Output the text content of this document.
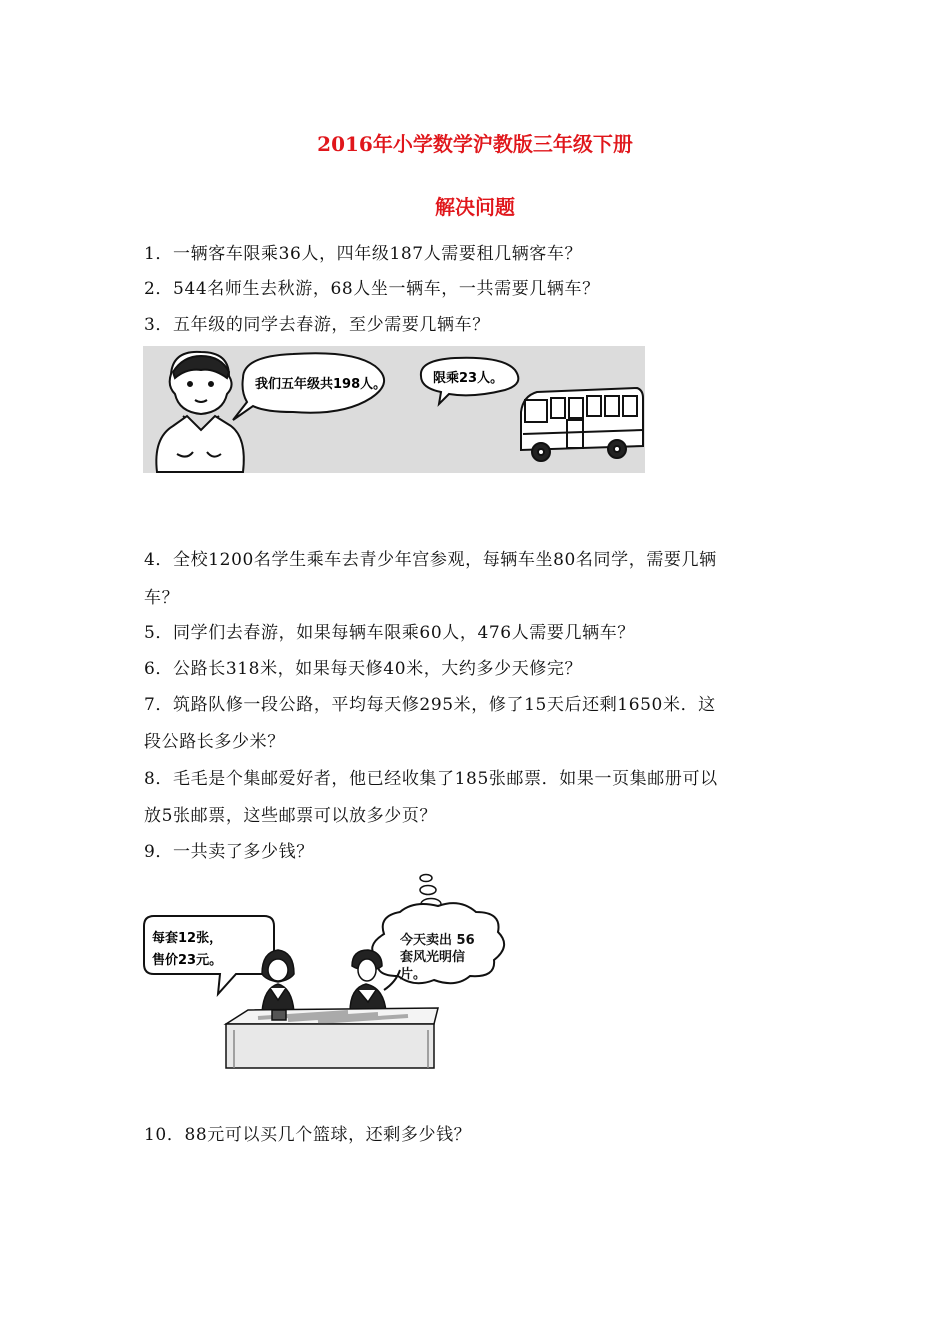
2016年小学数学沪教版三年级下册
解决问题
1．一辆客车限乘36人，四年级187人需要租几辆客车？
2．544名师生去秋游，68人坐一辆车，一共需要几辆车？
3．五年级的同学去春游，至少需要几辆车？
我们五年级共198人。	限乘23人。
4．全校1200名学生乘车去青少年宫参观，每辆车坐80名同学，需要几辆
车？
5．同学们去春游，如果每辆车限乘60人，476人需要几辆车？
6．公路长318米，如果每天修40米，大约多少天修完？
7．筑路队修一段公路，平均每天修295米，修了15天后还剩1650米．这
段公路长多少米？
8．毛毛是个集邮爱好者，他已经收集了185张邮票．如果一页集邮册可以
放5张邮票，这些邮票可以放多少页？
9．一共卖了多少钱？
每套12张，
售价23元。
今天卖出 56
套风光明信
片。
10．88元可以买几个篮球，还剩多少钱？
